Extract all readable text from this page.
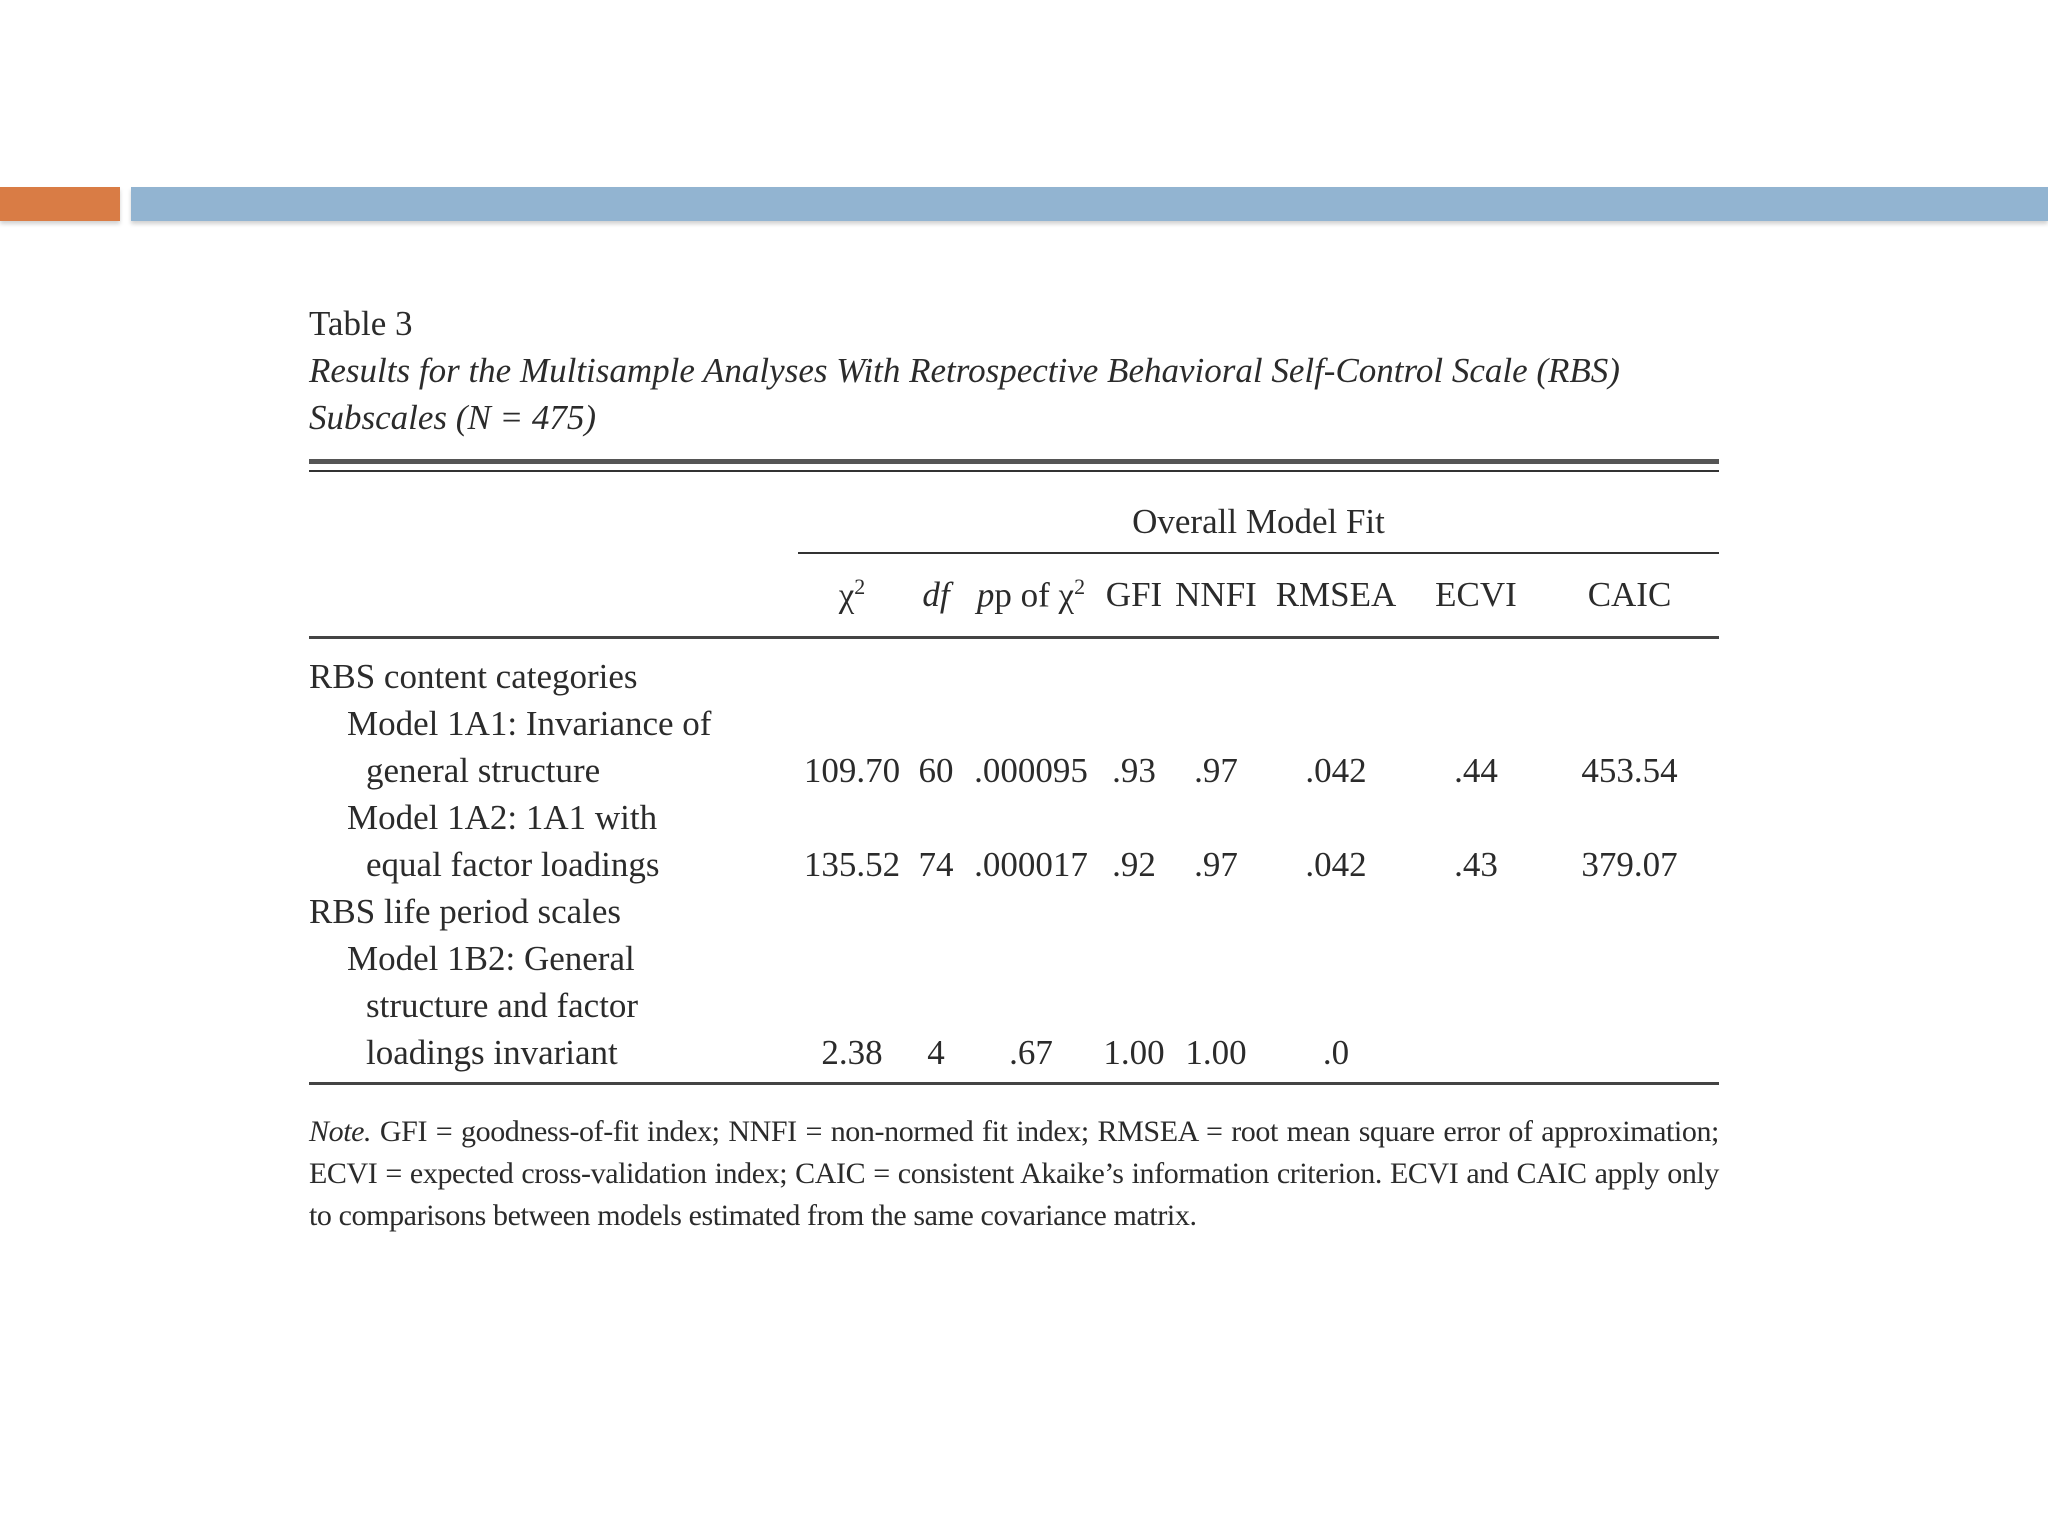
Table 3
Results for the Multisample Analyses With Retrospective Behavioral Self-Control Scale (RBS)
Subscales (N = 475)
	Overall Model Fit							

	$\chi^2$	df	pp of $\chi^2$	GFI	NNFI	RMSEA	ECVI	CAIC

RBS content categories								
Model 1A1: Invariance of								
general structure	109.70	60	.000095	.93	.97	.042	.44	453.54
Model 1A2: 1A1 with								
equal factor loadings	135.52	74	.000017	.92	.97	.042	.43	379.07
RBS life period scales								
Model 1B2: General								
structure and factor								
loadings invariant	2.38	4	.67	1.00	1.00	.0		
Note. GFI = goodness-of-fit index; NNFI = non-normed fit index; RMSEA = root mean square error of approximation; ECVI = expected cross-validation index; CAIC = consistent Akaike’s information criterion. ECVI and CAIC apply only to comparisons between models estimated from the same covariance matrix.
